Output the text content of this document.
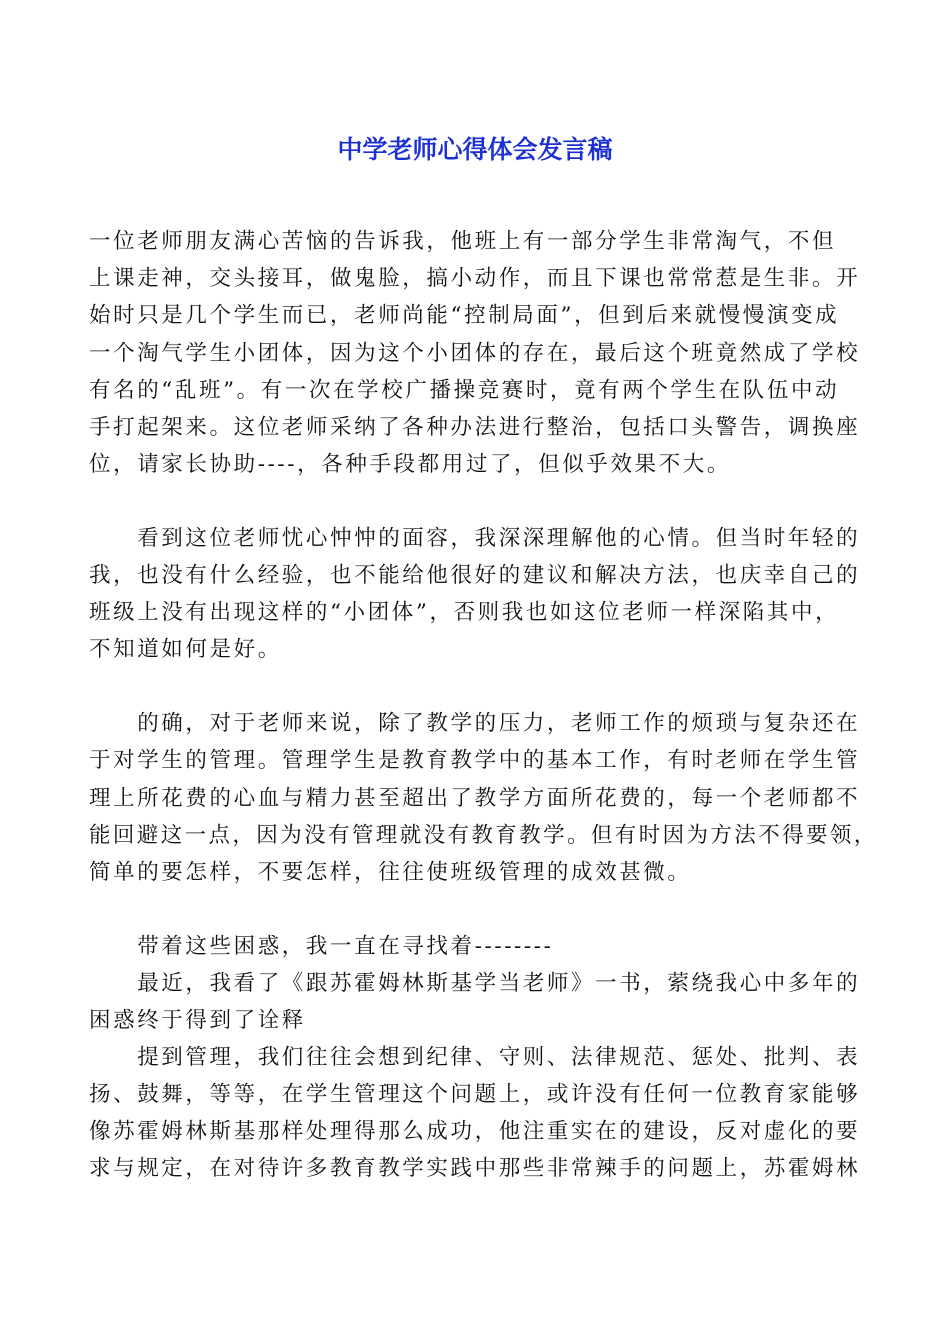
中学老师心得体会发言稿
一位老师朋友满心苦恼的告诉我，他班上有一部分学生非常淘气，不但
上课走神，交头接耳，做鬼脸，搞小动作，而且下课也常常惹是生非。开
始时只是几个学生而已，老师尚能“控制局面”，但到后来就慢慢演变成
一个淘气学生小团体，因为这个小团体的存在，最后这个班竟然成了学校
有名的“乱班”。有一次在学校广播操竞赛时，竟有两个学生在队伍中动
手打起架来。这位老师采纳了各种办法进行整治，包括口头警告，调换座
位，请家长协助----，各种手段都用过了，但似乎效果不大。
　　看到这位老师忧心忡忡的面容，我深深理解他的心情。但当时年轻的
我，也没有什么经验，也不能给他很好的建议和解决方法，也庆幸自己的
班级上没有出现这样的“小团体”，否则我也如这位老师一样深陷其中，
不知道如何是好。
　　的确，对于老师来说，除了教学的压力，老师工作的烦琐与复杂还在
于对学生的管理。管理学生是教育教学中的基本工作，有时老师在学生管
理上所花费的心血与精力甚至超出了教学方面所花费的，每一个老师都不
能回避这一点，因为没有管理就没有教育教学。但有时因为方法不得要领，
简单的要怎样，不要怎样，往往使班级管理的成效甚微。
　　带着这些困惑，我一直在寻找着--------
　　最近，我看了《跟苏霍姆林斯基学当老师》一书，萦绕我心中多年的
困惑终于得到了诠释
　　提到管理，我们往往会想到纪律、守则、法律规范、惩处、批判、表
扬、鼓舞，等等，在学生管理这个问题上，或许没有任何一位教育家能够
像苏霍姆林斯基那样处理得那么成功，他注重实在的建设，反对虚化的要
求与规定，在对待许多教育教学实践中那些非常辣手的问题上，苏霍姆林
